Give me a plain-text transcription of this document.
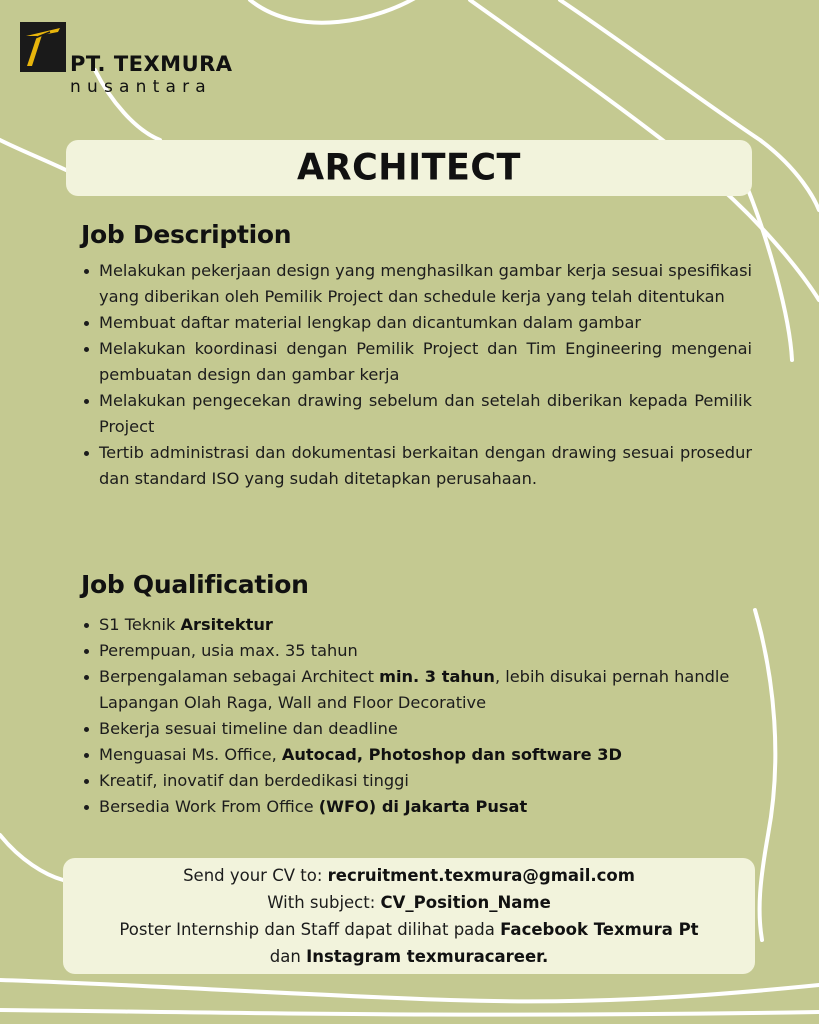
PT. TEXMURA
nusantara
ARCHITECT
Job Description
Melakukan pekerjaan design yang menghasilkan gambar kerja sesuai spesifikasi yang diberikan oleh Pemilik Project dan schedule kerja yang telah ditentukan
Membuat daftar material lengkap dan dicantumkan dalam gambar
Melakukan koordinasi dengan Pemilik Project dan Tim Engineering mengenai pembuatan design dan gambar kerja
Melakukan pengecekan drawing sebelum dan setelah diberikan kepada Pemilik Project
Tertib administrasi dan dokumentasi berkaitan dengan drawing sesuai prosedur dan standard ISO yang sudah ditetapkan perusahaan.
Job Qualification
S1 Teknik Arsitektur
Perempuan, usia max. 35 tahun
Berpengalaman sebagai Architect min. 3 tahun, lebih disukai pernah handle Lapangan Olah Raga, Wall and Floor Decorative
Bekerja sesuai timeline dan deadline
Menguasai Ms. Office, Autocad, Photoshop dan software 3D
Kreatif, inovatif dan berdedikasi tinggi
Bersedia Work From Office (WFO) di Jakarta Pusat
Send your CV to: recruitment.texmura@gmail.com
With subject: CV_Position_Name
Poster Internship dan Staff dapat dilihat pada Facebook Texmura Pt
dan Instagram texmuracareer.
